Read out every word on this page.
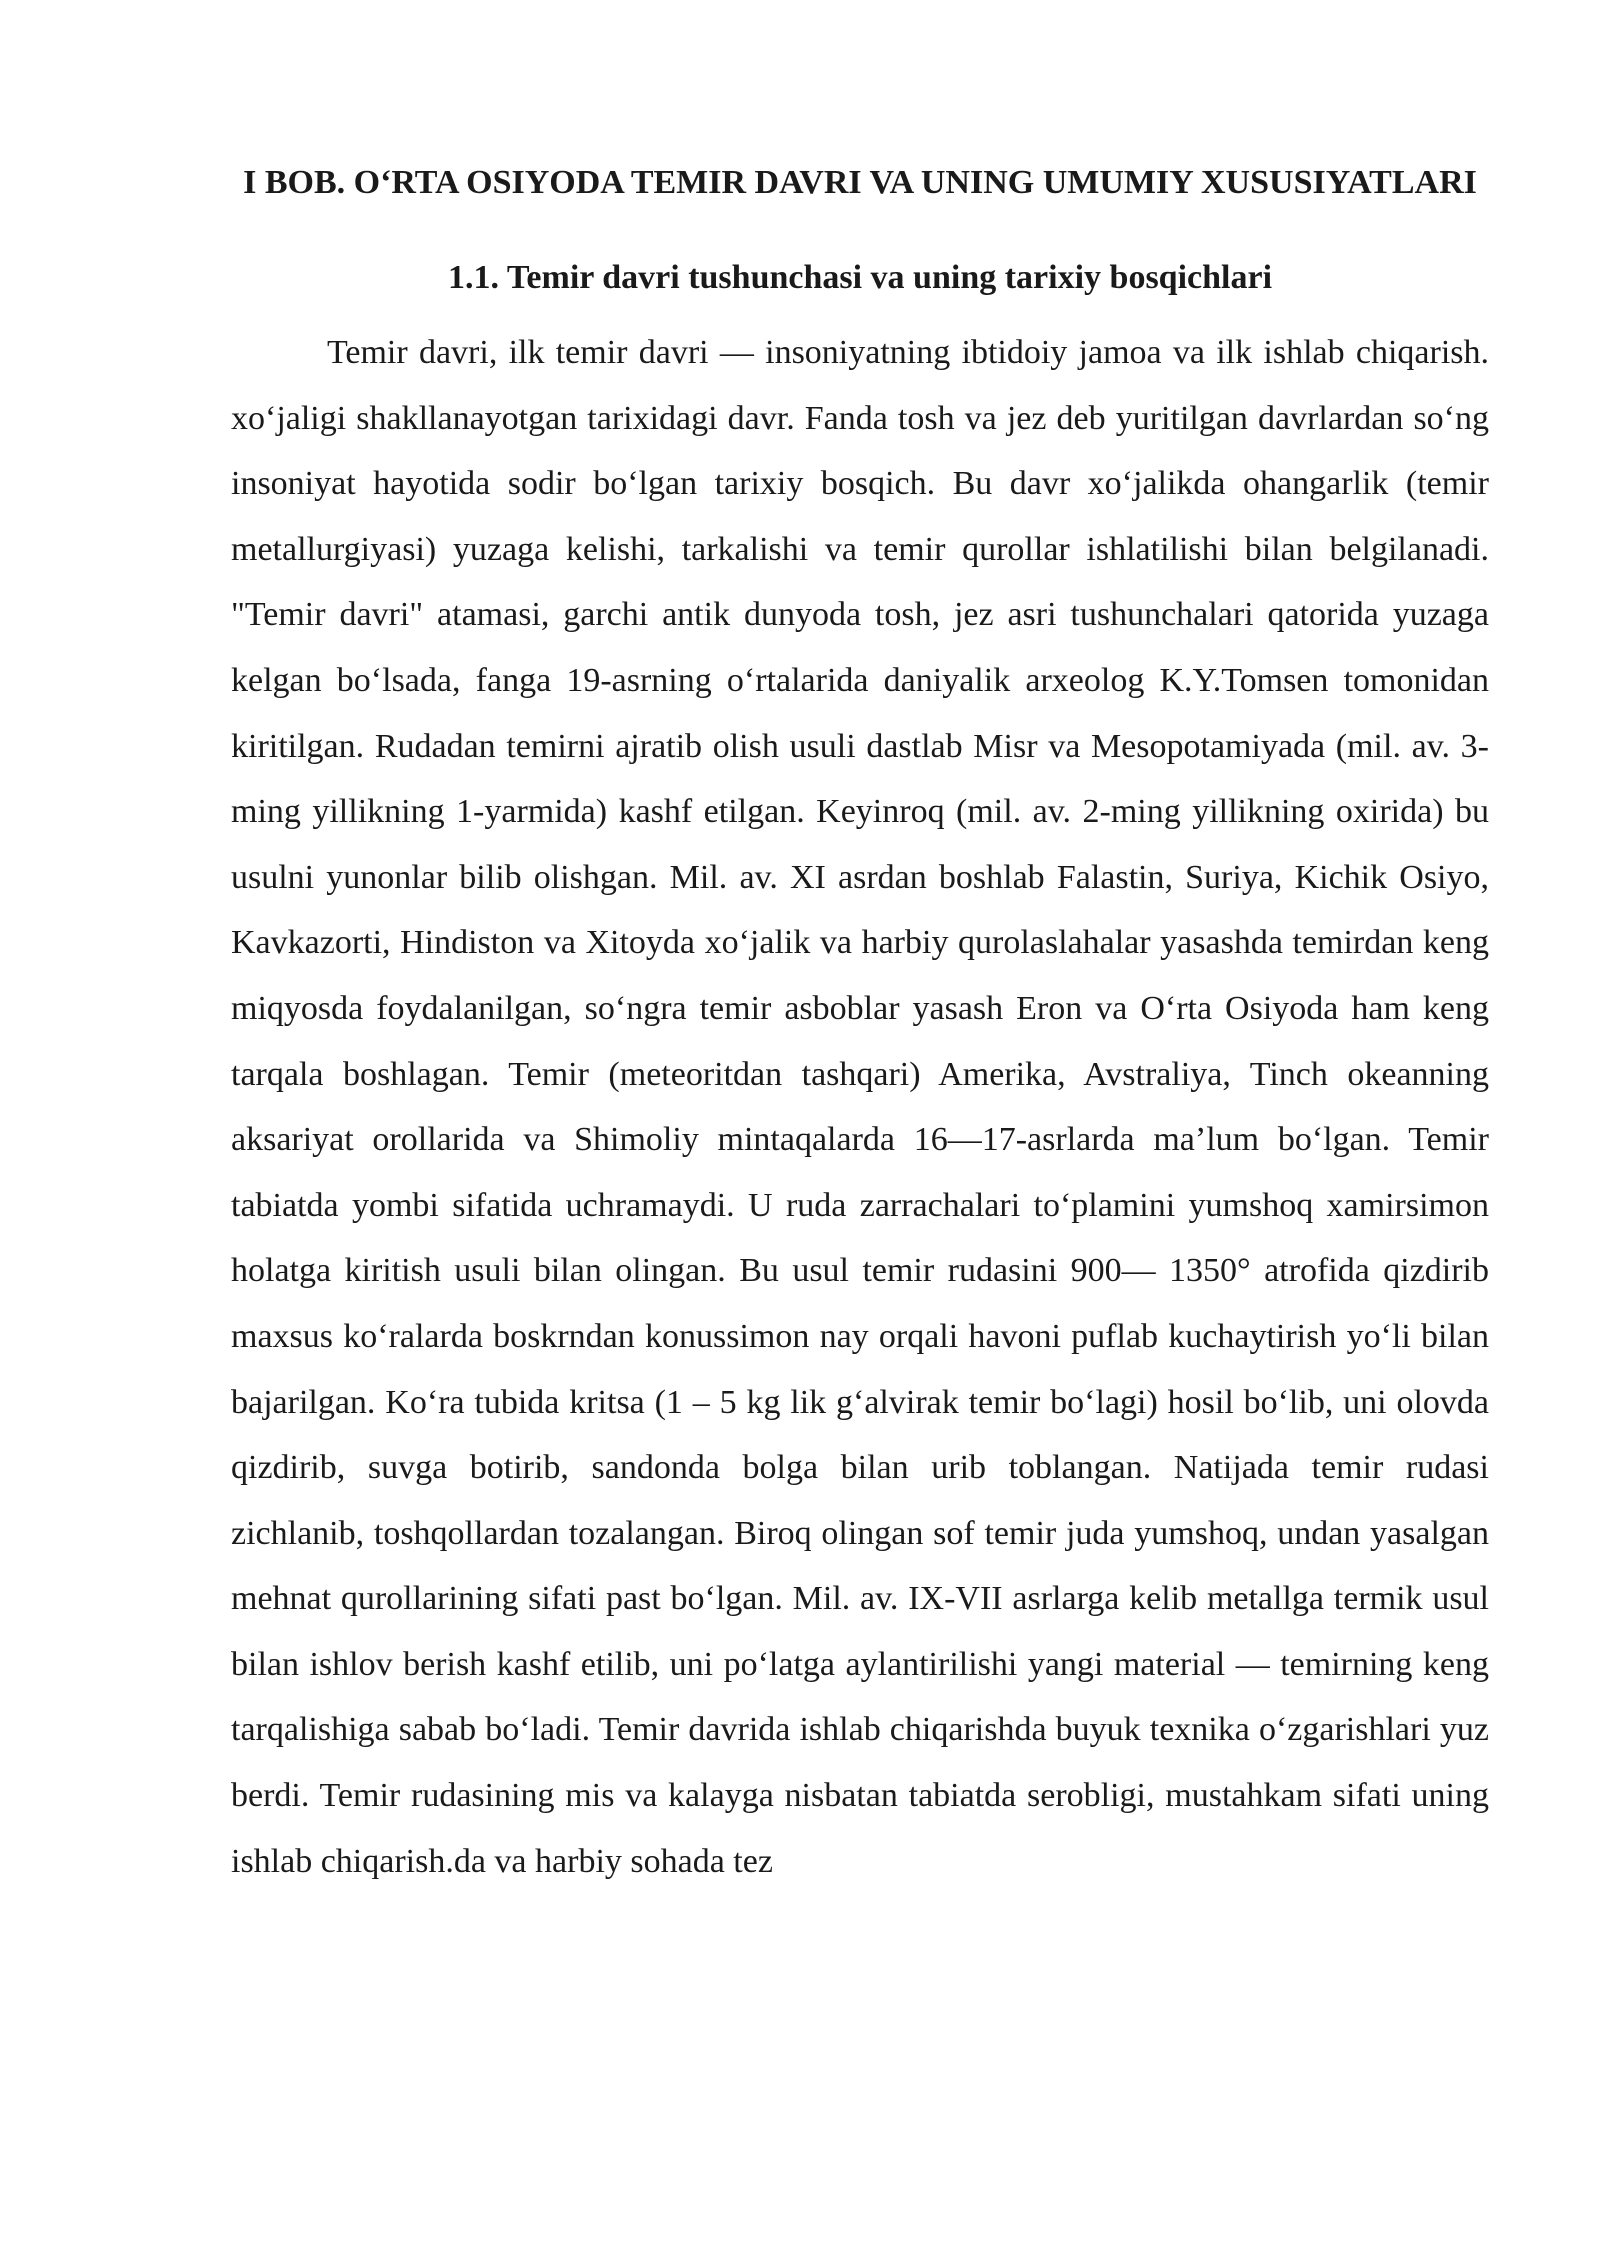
I BOB. O‘RTA OSIYODA TEMIR DAVRI VA UNING UMUMIY XUSUSIYATLARI
1.1. Temir davri tushunchasi va uning tarixiy bosqichlari

Temir davri, ilk temir davri — insoniyatning ibtidoiy jamoa va ilk ishlab chiqarish. xo‘jaligi shakllanayotgan tarixidagi davr. Fanda tosh va jez deb yuritilgan davrlardan so‘ng insoniyat hayotida sodir bo‘lgan tarixiy bosqich. Bu davr xo‘jalikda ohangarlik (temir metallurgiyasi) yuzaga kelishi, tarkalishi va temir qurollar ishlatilishi bilan belgilanadi. "Temir davri" atamasi, garchi antik dunyoda tosh, jez asri tushunchalari qatorida yuzaga kelgan bo‘lsada, fanga 19-asrning o‘rtalarida daniyalik arxeolog K.Y.Tomsen tomonidan kiritilgan. Rudadan temirni ajratib olish usuli dastlab Misr va Mesopotamiyada (mil. av. 3-ming yillikning 1-yarmida) kashf etilgan. Keyinroq (mil. av. 2-ming yillikning oxirida) bu usulni yunonlar bilib olishgan. Mil. av. XI asrdan boshlab Falastin, Suriya, Kichik Osiyo, Kavkazorti, Hindiston va Xitoyda xo‘jalik va harbiy qurolaslahalar yasashda temirdan keng miqyosda foydalanilgan, so‘ngra temir asboblar yasash Eron va O‘rta Osiyoda ham keng tarqala boshlagan. Temir (meteoritdan tashqari) Amerika, Avstraliya, Tinch okeanning aksariyat orollarida va Shimoliy mintaqalarda 16—17-asrlarda ma’lum bo‘lgan. Temir tabiatda yombi sifatida uchramaydi. U ruda zarrachalari to‘plamini yumshoq xamirsimon holatga kiritish usuli bilan olingan. Bu usul temir rudasini 900— 1350° atrofida qizdirib maxsus ko‘ralarda boskrndan konussimon nay orqali havoni puflab kuchaytirish yo‘li bilan bajarilgan. Ko‘ra tubida kritsa (1 – 5 kg lik g‘alvirak temir bo‘lagi) hosil bo‘lib, uni olovda qizdirib, suvga botirib, sandonda bolga bilan urib toblangan. Natijada temir rudasi zichlanib, toshqollardan tozalangan. Biroq olingan sof temir juda yumshoq, undan yasalgan mehnat qurollarining sifati past bo‘lgan. Mil. av. IX-VII asrlarga kelib metallga termik usul bilan ishlov berish kashf etilib, uni po‘latga aylantirilishi yangi material — temirning keng tarqalishiga sabab bo‘ladi. Temir davrida ishlab chiqarishda buyuk texnika o‘zgarishlari yuz berdi. Temir rudasining mis va kalayga nisbatan tabiatda serobligi, mustahkam sifati uning ishlab chiqarish.da va harbiy sohada tez
